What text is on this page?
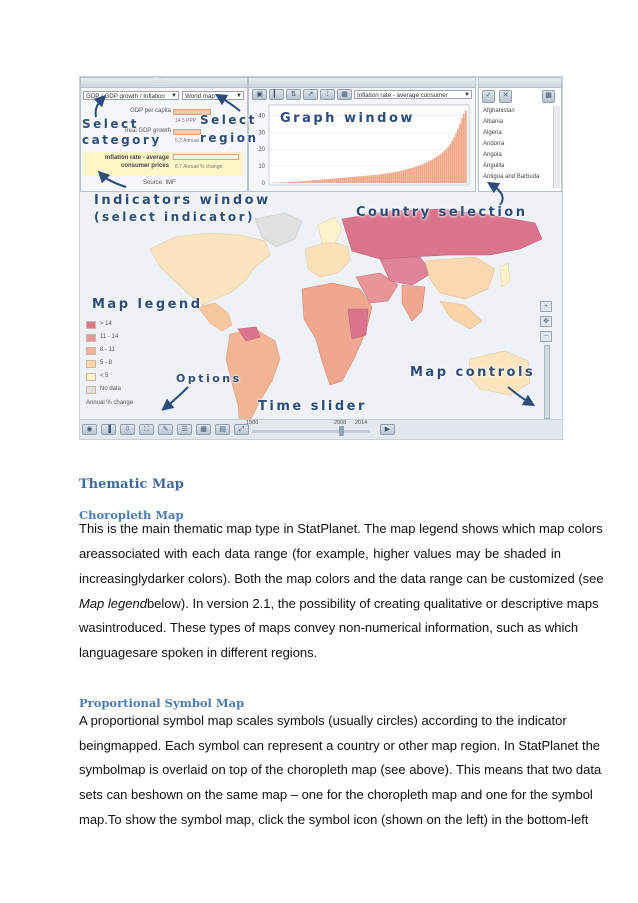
Chile
GDP / GDP growth / Inflation ▼	World map	▼
GDP per capita
14.5 PPP
Real GDP growth
5.2 Annual
Inflation rate - average consumer prices 8.7 Annual % change
Source: IMF
▣	▎	⇅	↗	⁞	▦	Inflation rate - average consumer	▼
40
30
20
10
0
✓	✕	▩
Afghanistan
Albania
Algeria
Andorra
Angola
Anguilla
Antigua and Barbuda
> 14
11 - 14
8 - 11
5 - 8
< 5
No data
Annual % change
+
✥
−
◉	▐	⇩	⛶	✎	☰	▦	▤	⤢	▶
1980	2008 2014
Select
category
Select
region
Graph window
Indicators window
(select indicator)	Country selection
Map legend
Options
Time slider
Map controls
Thematic Map
Choropleth Map
This is the main thematic map type in StatPlanet. The map legend shows which map colors
areassociated with each data range (for example, higher values may be shaded in
increasinglydarker colors). Both the map colors and the data range can be customized (see
Map legendbelow). In version 2.1, the possibility of creating qualitative or descriptive maps
wasintroduced. These types of maps convey non-numerical information, such as which
languagesare spoken in different regions.
Proportional Symbol Map
A proportional symbol map scales symbols (usually circles) according to the indicator
beingmapped. Each symbol can represent a country or other map region. In StatPlanet the
symbolmap is overlaid on top of the choropleth map (see above). This means that two data
sets can beshown on the same map – one for the choropleth map and one for the symbol
map.To show the symbol map, click the symbol icon (shown on the left) in the bottom-left
